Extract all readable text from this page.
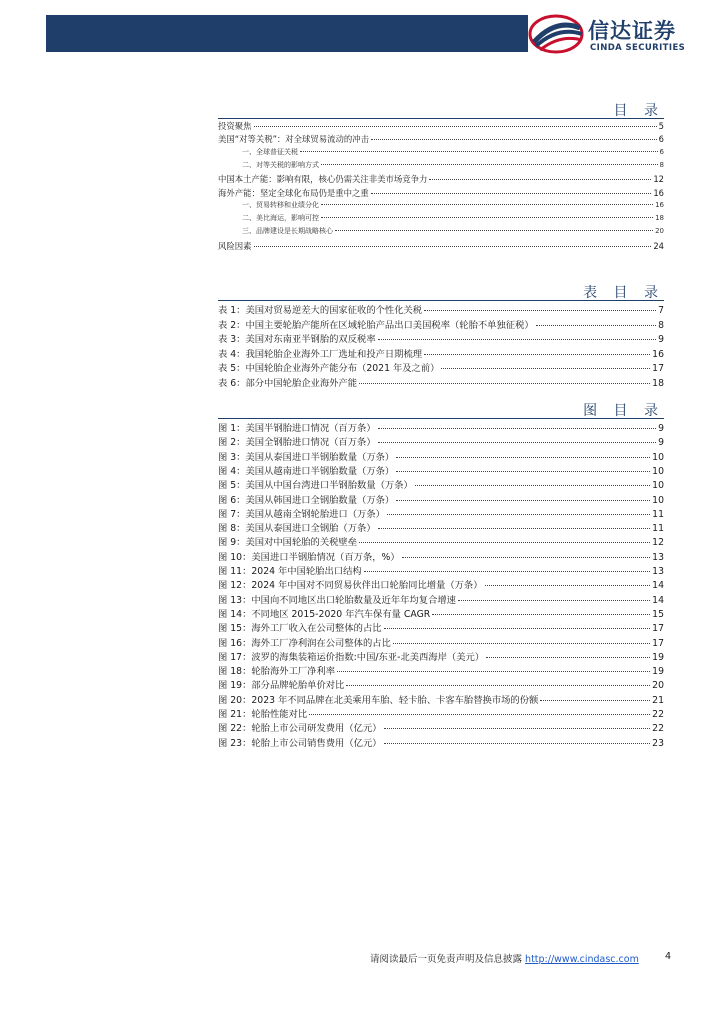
信达证券
CINDA SECURITIES
目 录
投资聚焦	5
美国“对等关税”：对全球贸易流动的冲击	6
一、全球普征关税	6
二、对等关税的影响方式	8
中国本土产能：影响有限，核心仍需关注非美市场竞争力	12
海外产能：坚定全球化布局仍是重中之重	16
一、贸易转移和业绩分化	16
二、美比海运，影响可控	18
三、品牌建设是长期战略核心	20
风险因素	24
表 目 录
表 1：美国对贸易逆差大的国家征收的个性化关税	7
表 2：中国主要轮胎产能所在区域轮胎产品出口美国税率（轮胎不单独征税）	8
表 3：美国对东南亚半钢胎的双反税率	9
表 4：我国轮胎企业海外工厂选址和投产日期梳理	16
表 5：中国轮胎企业海外产能分布（2021 年及之前）	17
表 6：部分中国轮胎企业海外产能	18
图 目 录
图 1：美国半钢胎进口情况（百万条）	9
图 2：美国全钢胎进口情况（百万条）	9
图 3：美国从泰国进口半钢胎数量（万条）	10
图 4：美国从越南进口半钢胎数量（万条）	10
图 5：美国从中国台湾进口半钢胎数量（万条）	10
图 6：美国从韩国进口全钢胎数量（万条）	10
图 7：美国从越南全钢轮胎进口（万条）	11
图 8：美国从泰国进口全钢胎（万条）	11
图 9：美国对中国轮胎的关税壁垒	12
图 10：美国进口半钢胎情况（百万条，%）	13
图 11：2024 年中国轮胎出口结构	13
图 12：2024 年中国对不同贸易伙伴出口轮胎同比增量（万条）	14
图 13：中国向不同地区出口轮胎数量及近年年均复合增速	14
图 14：不同地区 2015-2020 年汽车保有量 CAGR	15
图 15：海外工厂收入在公司整体的占比	17
图 16：海外工厂净利润在公司整体的占比	17
图 17：波罗的海集装箱运价指数:中国/东亚-北美西海岸（美元）	19
图 18：轮胎海外工厂净利率	19
图 19：部分品牌轮胎单价对比	20
图 20：2023 年不同品牌在北美乘用车胎、轻卡胎、卡客车胎替换市场的份额	21
图 21：轮胎性能对比	22
图 22：轮胎上市公司研发费用（亿元）	22
图 23：轮胎上市公司销售费用（亿元）	23
请阅读最后一页免责声明及信息披露 http://www.cindasc.com	4
